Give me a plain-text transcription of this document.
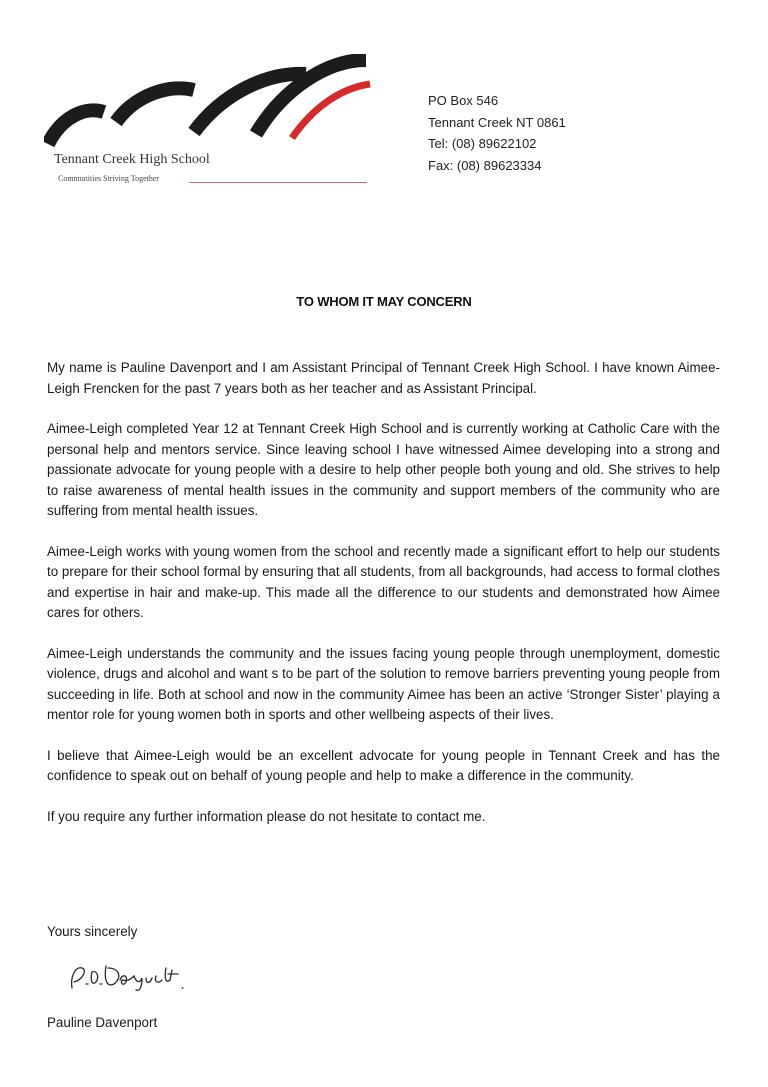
Tennant Creek High School
Communities Striving Together
PO Box 546
Tennant Creek NT 0861
Tel: (08) 89622102
Fax: (08) 89623334
TO WHOM IT MAY CONCERN

My name is Pauline Davenport and I am Assistant Principal of Tennant Creek High School. I have known Aimee-Leigh Frencken for the past 7 years both as her teacher and as Assistant Principal.

Aimee-Leigh completed Year 12 at Tennant Creek High School and is currently working at Catholic Care with the personal help and mentors service. Since leaving school I have witnessed Aimee developing into a strong and passionate advocate for young people with a desire to help other people both young and old. She strives to help to raise awareness of mental health issues in the community and support members of the community who are suffering from mental health issues.

Aimee-Leigh works with young women from the school and recently made a significant effort to help our students to prepare for their school formal by ensuring that all students, from all backgrounds, had access to formal clothes and expertise in hair and make-up. This made all the difference to our students and demonstrated how Aimee cares for others.

Aimee-Leigh understands the community and the issues facing young people through unemployment, domestic violence, drugs and alcohol and want s to be part of the solution to remove barriers preventing young people from succeeding in life. Both at school and now in the community Aimee has been an active ‘Stronger Sister’ playing a mentor role for young women both in sports and other wellbeing aspects of their lives.

I believe that Aimee-Leigh would be an excellent advocate for young people in Tennant Creek and has the confidence to speak out on behalf of young people and help to make a difference in the community.

If you require any further information please do not hesitate to contact me.

Yours sincerely
Pauline Davenport
